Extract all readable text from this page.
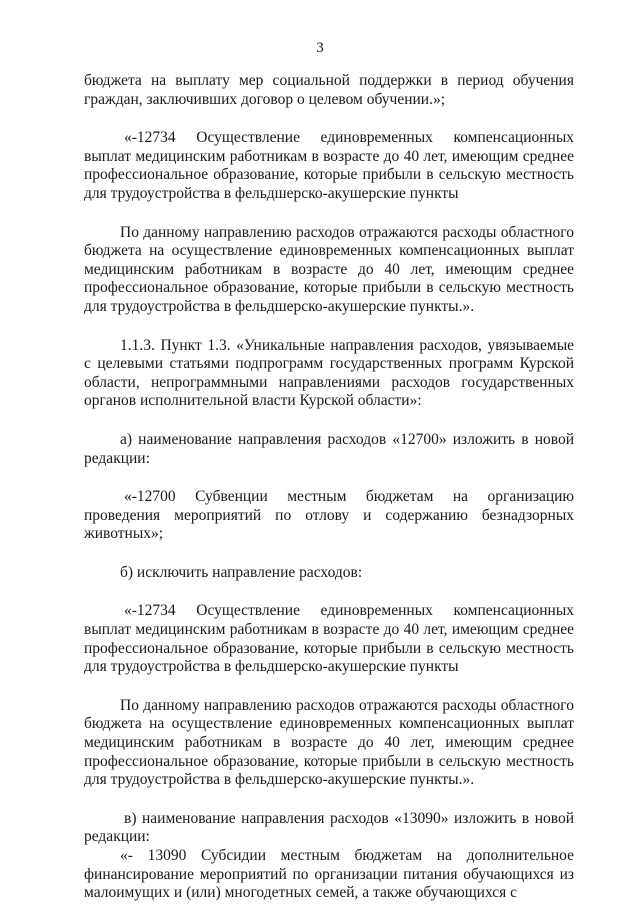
3

бюджета на выплату мер социальной поддержки в период обучения граждан, заключивших договор о целевом обучении.»;

«-12734 Осуществление единовременных компенсационных выплат медицинским работникам в возрасте до 40 лет, имеющим среднее профессиональное образование, которые прибыли в сельскую местность для трудоустройства в фельдшерско-акушерские пункты

По данному направлению расходов отражаются расходы областного бюджета на осуществление единовременных компенсационных выплат медицинским работникам в возрасте до 40 лет, имеющим среднее профессиональное образование, которые прибыли в сельскую местность для трудоустройства в фельдшерско-акушерские пункты.».

1.1.3. Пункт 1.3. «Уникальные направления расходов, увязываемые с целевыми статьями подпрограмм государственных программ Курской области, непрограммными направлениями расходов государственных органов исполнительной власти Курской области»:

а) наименование направления расходов «12700» изложить в новой редакции:

«-12700 Субвенции местным бюджетам на организацию проведения мероприятий по отлову и содержанию безнадзорных животных»;

б) исключить направление расходов:

«-12734 Осуществление единовременных компенсационных выплат медицинским работникам в возрасте до 40 лет, имеющим среднее профессиональное образование, которые прибыли в сельскую местность для трудоустройства в фельдшерско-акушерские пункты

По данному направлению расходов отражаются расходы областного бюджета на осуществление единовременных компенсационных выплат медицинским работникам в возрасте до 40 лет, имеющим среднее профессиональное образование, которые прибыли в сельскую местность для трудоустройства в фельдшерско-акушерские пункты.».

в) наименование направления расходов «13090» изложить в новой редакции:

«- 13090 Субсидии местным бюджетам на дополнительное финансирование мероприятий по организации питания обучающихся из малоимущих и (или) многодетных семей, а также обучающихся с
